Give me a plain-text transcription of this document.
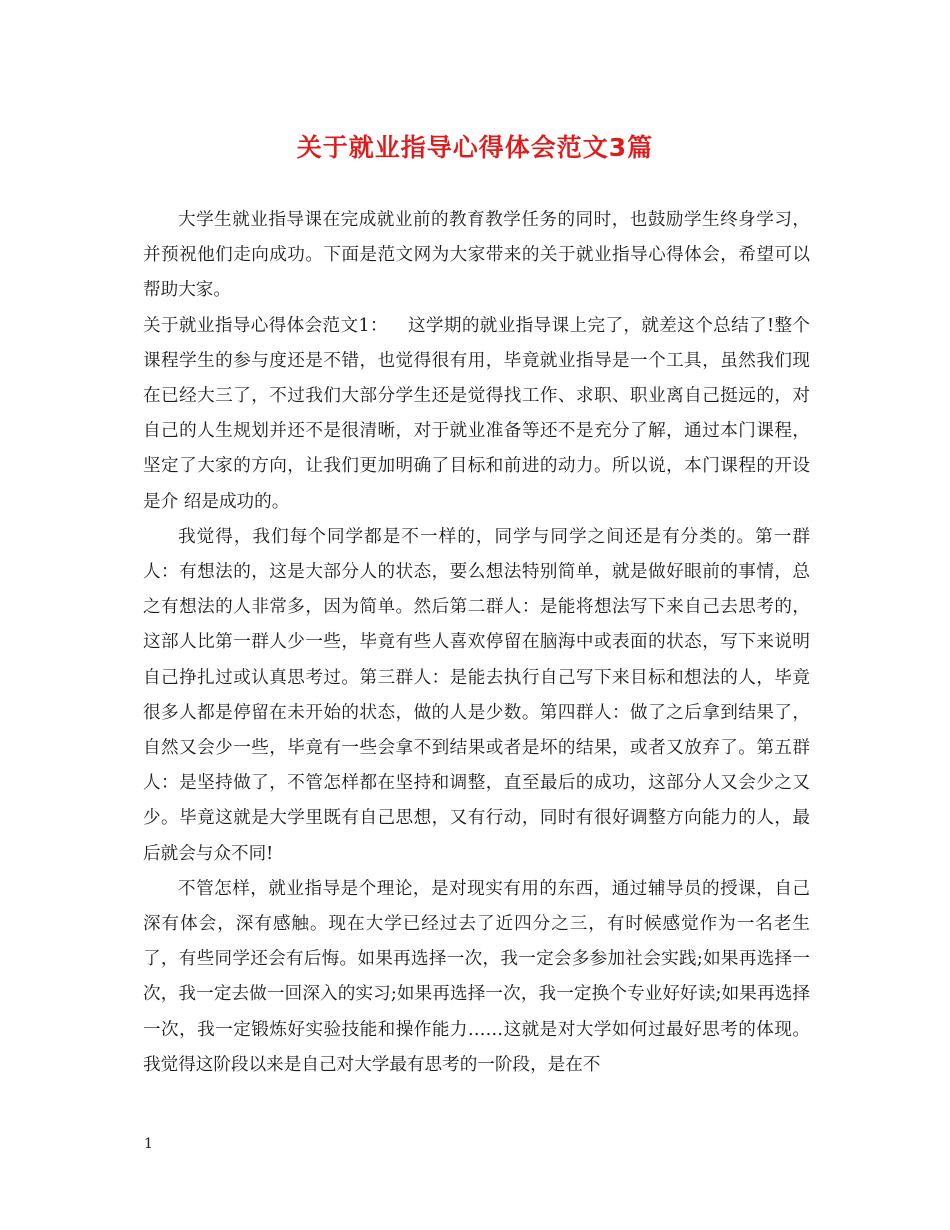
关于就业指导心得体会范文3篇

大学生就业指导课在完成就业前的教育教学任务的同时，也鼓励学生终身学习，并预祝他们走向成功。下面是范文网为大家带来的关于就业指导心得体会，希望可以帮助大家。

关于就业指导心得体会范文1： 这学期的就业指导课上完了，就差这个总结了!整个课程学生的参与度还是不错，也觉得很有用，毕竟就业指导是一个工具，虽然我们现在已经大三了，不过我们大部分学生还是觉得找工作、求职、职业离自己挺远的，对自己的人生规划并还不是很清晰，对于就业准备等还不是充分了解，通过本门课程，坚定了大家的方向，让我们更加明确了目标和前进的动力。所以说，本门课程的开设是介 绍是成功的。

我觉得，我们每个同学都是不一样的，同学与同学之间还是有分类的。第一群人：有想法的，这是大部分人的状态，要么想法特别简单，就是做好眼前的事情，总之有想法的人非常多，因为简单。然后第二群人：是能将想法写下来自己去思考的，这部人比第一群人少一些，毕竟有些人喜欢停留在脑海中或表面的状态，写下来说明自己挣扎过或认真思考过。第三群人：是能去执行自己写下来目标和想法的人，毕竟很多人都是停留在未开始的状态，做的人是少数。第四群人：做了之后拿到结果了，自然又会少一些，毕竟有一些会拿不到结果或者是坏的结果，或者又放弃了。第五群人：是坚持做了，不管怎样都在坚持和调整，直至最后的成功，这部分人又会少之又少。毕竟这就是大学里既有自己思想，又有行动，同时有很好调整方向能力的人，最后就会与众不同!

不管怎样，就业指导是个理论，是对现实有用的东西，通过辅导员的授课，自己深有体会，深有感触。现在大学已经过去了近四分之三，有时候感觉作为一名老生了，有些同学还会有后悔。如果再选择一次，我一定会多参加社会实践;如果再选择一次，我一定去做一回深入的实习;如果再选择一次，我一定换个专业好好读;如果再选择一次，我一定锻炼好实验技能和操作能力……这就是对大学如何过最好思考的体现。我觉得这阶段以来是自己对大学最有思考的一阶段，是在不

1
